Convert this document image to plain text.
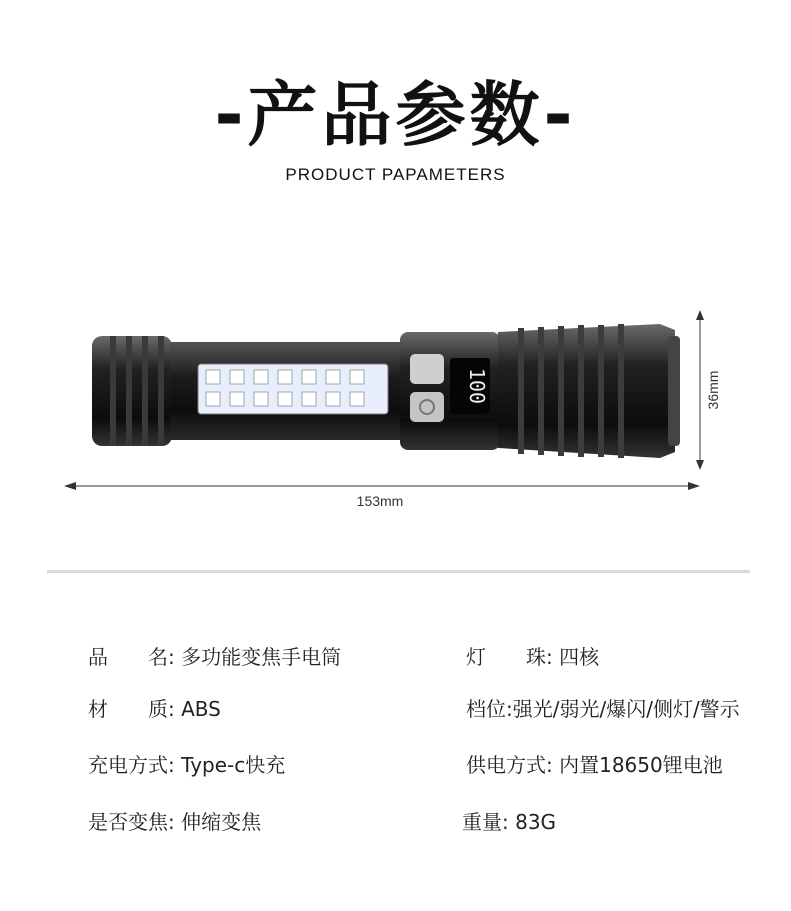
-产品参数-
PRODUCT PAPAMETERS
100	36mm
153mm
品　　名: 多功能变焦手电筒	灯　　珠: 四核
材　　质: ABS	档位:强光/弱光/爆闪/侧灯/警示
充电方式: Type-c快充	供电方式: 内置18650锂电池
是否变焦: 伸缩变焦	重量: 83G
